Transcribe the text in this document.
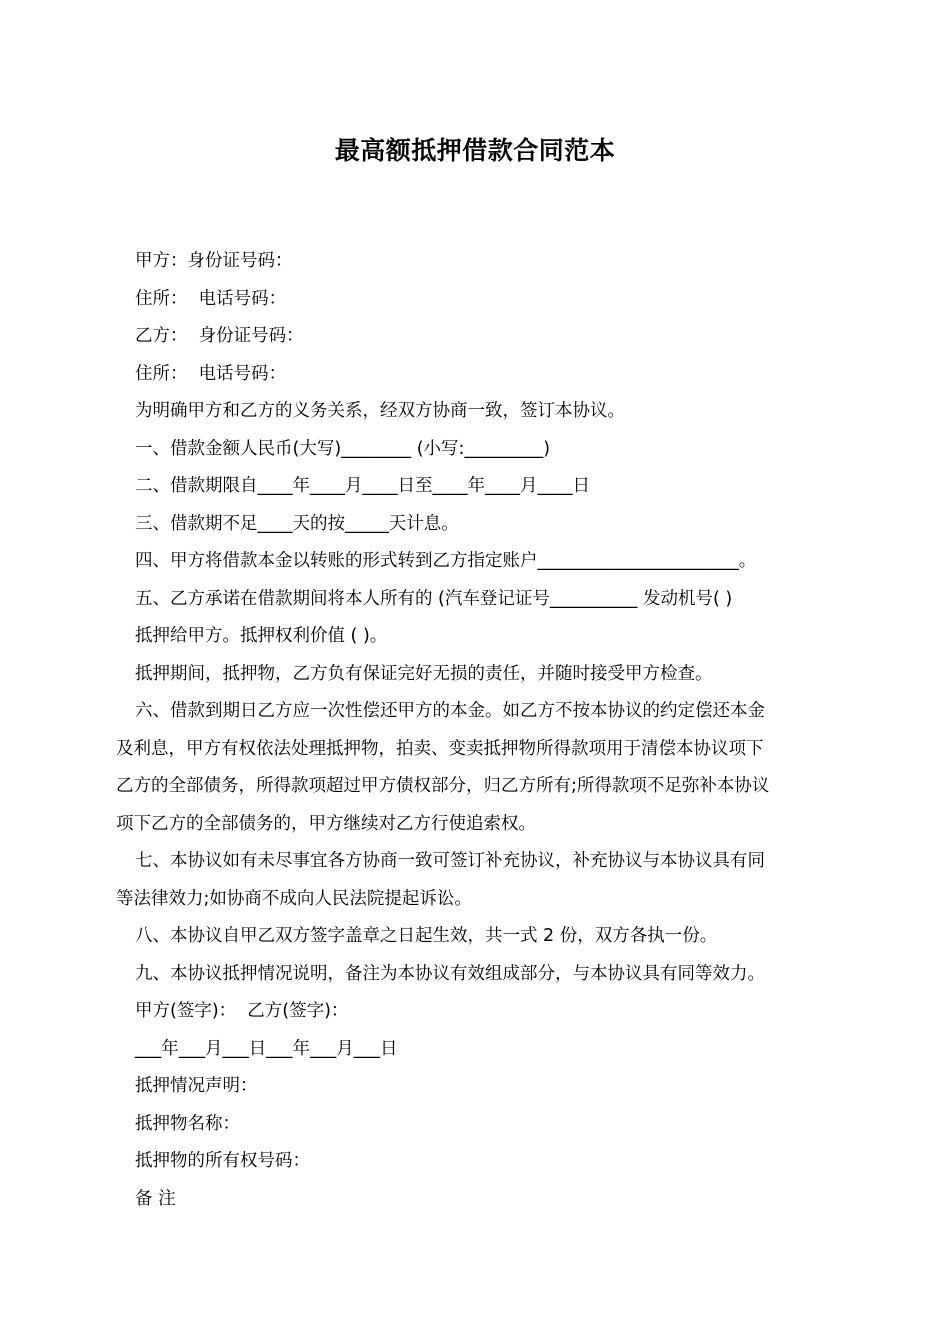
最高额抵押借款合同范本
甲方：身份证号码：
住所：  电话号码：
乙方：  身份证号码：
住所：  电话号码：
为明确甲方和乙方的义务关系，经双方协商一致，签订本协议。
一、借款金额人民币(大写)________ (小写:_________)
二、借款期限自____年____月____日至____年____月____日
三、借款期不足____天的按_____天计息。
四、甲方将借款本金以转账的形式转到乙方指定账户_______________________。
五、乙方承诺在借款期间将本人所有的 (汽车登记证号__________ 发动机号( )
抵押给甲方。抵押权利价值 ( )。
抵押期间，抵押物，乙方负有保证完好无损的责任，并随时接受甲方检查。
六、借款到期日乙方应一次性偿还甲方的本金。如乙方不按本协议的约定偿还本金
及利息，甲方有权依法处理抵押物，拍卖、变卖抵押物所得款项用于清偿本协议项下
乙方的全部债务，所得款项超过甲方债权部分，归乙方所有;所得款项不足弥补本协议
项下乙方的全部债务的，甲方继续对乙方行使追索权。
七、本协议如有未尽事宜各方协商一致可签订补充协议，补充协议与本协议具有同
等法律效力;如协商不成向人民法院提起诉讼。
八、本协议自甲乙双方签字盖章之日起生效，共一式 2 份，双方各执一份。
九、本协议抵押情况说明，备注为本协议有效组成部分，与本协议具有同等效力。
甲方(签字)：  乙方(签字)：
___年___月___日___年___月___日
抵押情况声明：
抵押物名称：
抵押物的所有权号码：
备 注
